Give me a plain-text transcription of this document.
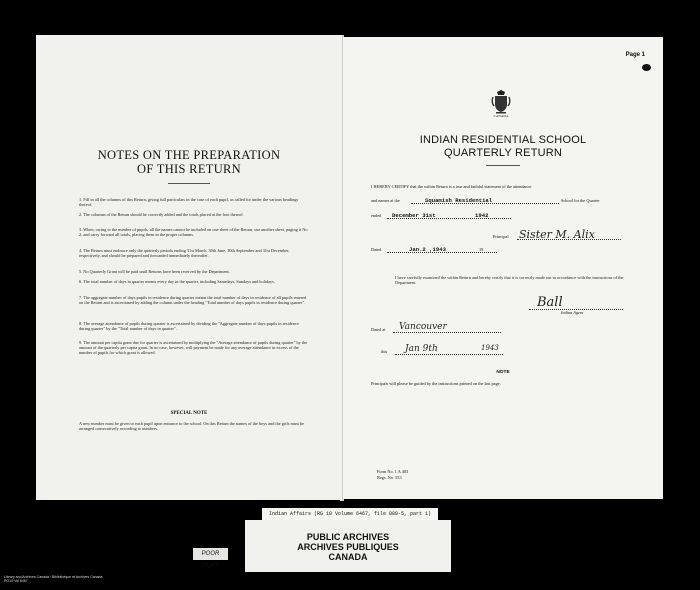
NOTES ON THE PREPARATION
OF THIS RETURN
1. Fill in all the columns of this Return, giving full particulars in the case of each pupil, as called for under the various headings thereof.
2. The columns of the Return should be correctly added and the totals placed at the foot thereof.
3. When, owing to the number of pupils, all the names cannot be included on one sheet of the Return, use another sheet, paging it No 2, and carry forward all totals, placing them in the proper columns.
4. The Return must embrace only the quarterly periods ending 31st March, 30th June, 30th September and 31st December, respectively, and should be prepared and forwarded immediately thereafter.
5. No Quarterly Grant will be paid until Returns have been received by the Department.
6. The total number of days in quarter means every day in the quarter, including Saturdays, Sundays and holidays.
7. The aggregate number of days pupils in residence during quarter means the total number of days in residence of all pupils entered on the Return and is ascertained by adding the column under the heading "Total number of days pupils in residence during quarter".
8. The average attendance of pupils during quarter is ascertained by dividing the "Aggregate number of days pupils in residence during quarter" by the "Total number of days in quarter".
9. The amount per capita grant due for quarter is ascertained by multiplying the "Average attendance of pupils during quarter" by the amount of the quarterly per capita grant. In no case, however, will payment be made for any average attendance in excess of the number of pupils for which grant is allowed.
SPECIAL NOTE
A new number must be given to each pupil upon entrance to the school. On this Return the names of the boys and the girls must be arranged consecutively according to numbers.
Page 1
CANADA
INDIAN RESIDENTIAL SCHOOL
QUARTERLY RETURN
I HEREBY CERTIFY that the within Return is a true and faithful statement of the attendance
and names at the	Squamish Residential	School for the Quarter
ended December 31st	1942
Principal Sister M. Alix
Dated	Jan.2 ,1943	19
I have carefully examined the within Return and hereby certify that it is correctly made out in accordance with the instructions of the Department.
Ball
Indian Agent
Dated at Vancouver
this Jan 9th	1943
NOTE
Principals will please be guided by the instructions printed on the last page.
Form No. 1 A 403
Regs. No. 553
Indian Affairs (RG 10 Volume 6467, file 889-5, part 1)
PUBLIC ARCHIVES
ARCHIVES PUBLIQUES
CANADA
POOR COPY
Library and Archives Canada / Bibliothèque et Archives Canada
RG10 Vol 6467
